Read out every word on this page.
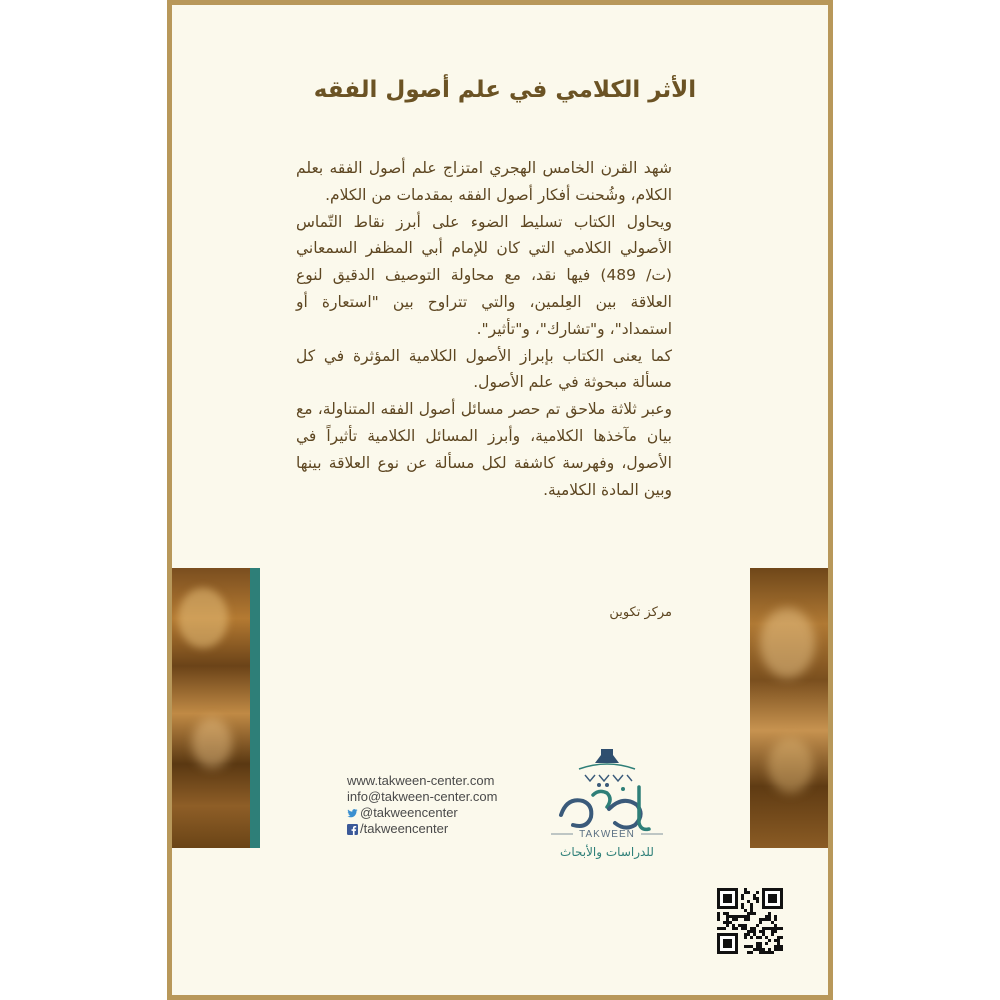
الأثر الكلامي في علم أصول الفقه

شهد القرن الخامس الهجري امتزاج علم أصول الفقه بعلم الكلام، وشُحنت أفكار أصول الفقه بمقدمات من الكلام.

ويحاول الكتاب تسليط الضوء على أبرز نقاط التّماس الأصولي الكلامي التي كان للإمام أبي المظفر السمعاني (ت/ 489) فيها نقد، مع محاولة التوصيف الدقيق لنوع العلاقة بين العِلمين، والتي تتراوح بين "استعارة أو استمداد"، و"تشارك"، و"تأثير".

كما يعنى الكتاب بإبراز الأصول الكلامية المؤثرة في كل مسألة مبحوثة في علم الأصول.

وعبر ثلاثة ملاحق تم حصر مسائل أصول الفقه المتناولة، مع بيان مآخذها الكلامية، وأبرز المسائل الكلامية تأثيراً في الأصول، وفهرسة كاشفة لكل مسألة عن نوع العلاقة بينها وبين المادة الكلامية.

مركز تكوين
www.takween-center.com
info@takween-center.com
@takweencenter
/takweencenter	TAKWEEN
للدراسات والأبحاث
